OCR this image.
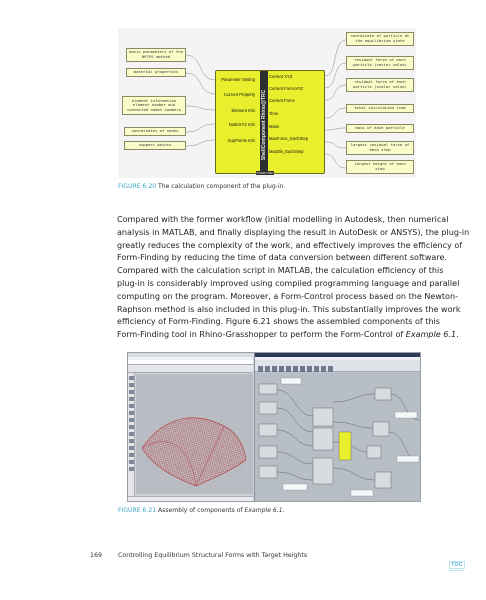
basic parameters of the
NFCPS method
material properties
element information
element number and
connected nodes numbers
coordinates of nodes
support points
coordinate of particle at
the equilibrium state
residual force of each
particle (vector value)
residual force of each
particle (scalar value)
total calculation time
mass of each particle
largest residual force of
each step
largest height of each
step
Parameter Setting
Current Property
Element Info
NodeXYZ Info
SupPoints Info ShellComponent Rhino@TRC
FORM-FIND
Current XYZ
Current ForceXYZ
Current Force
Time
Mass
MaxForce_EachStep
MaxDis_EachStep
FIGURE 6.20 The calculation component of the plug-in.
Compared with the former workflow (initial modelling in Autodesk, then numerical
analysis in MATLAB, and finally displaying the result in AutoDesk or ANSYS), the plug-in
greatly reduces the complexity of the work, and effectively improves the efficiency of
Form-Finding by reducing the time of data conversion between different software.
Compared with the calculation script in MATLAB, the calculation efficiency of this
plug-in is considerably improved using compiled programming language and parallel
computing on the program. Moreover, a Form-Control process based on the Newton-
Raphson method is also included in this plug-in. This substantially improves the work
efficiency of Form-Finding. Figure 6.21 shows the assembled components of this
Form-Finding tool in Rhino-Grasshopper to perform the Form-Control of Example 6.1.
FIGURE 6.21 Assembly of components of Example 6.1.
169	Controlling Equilibrium Structural Forms with Target Heights
TOC
